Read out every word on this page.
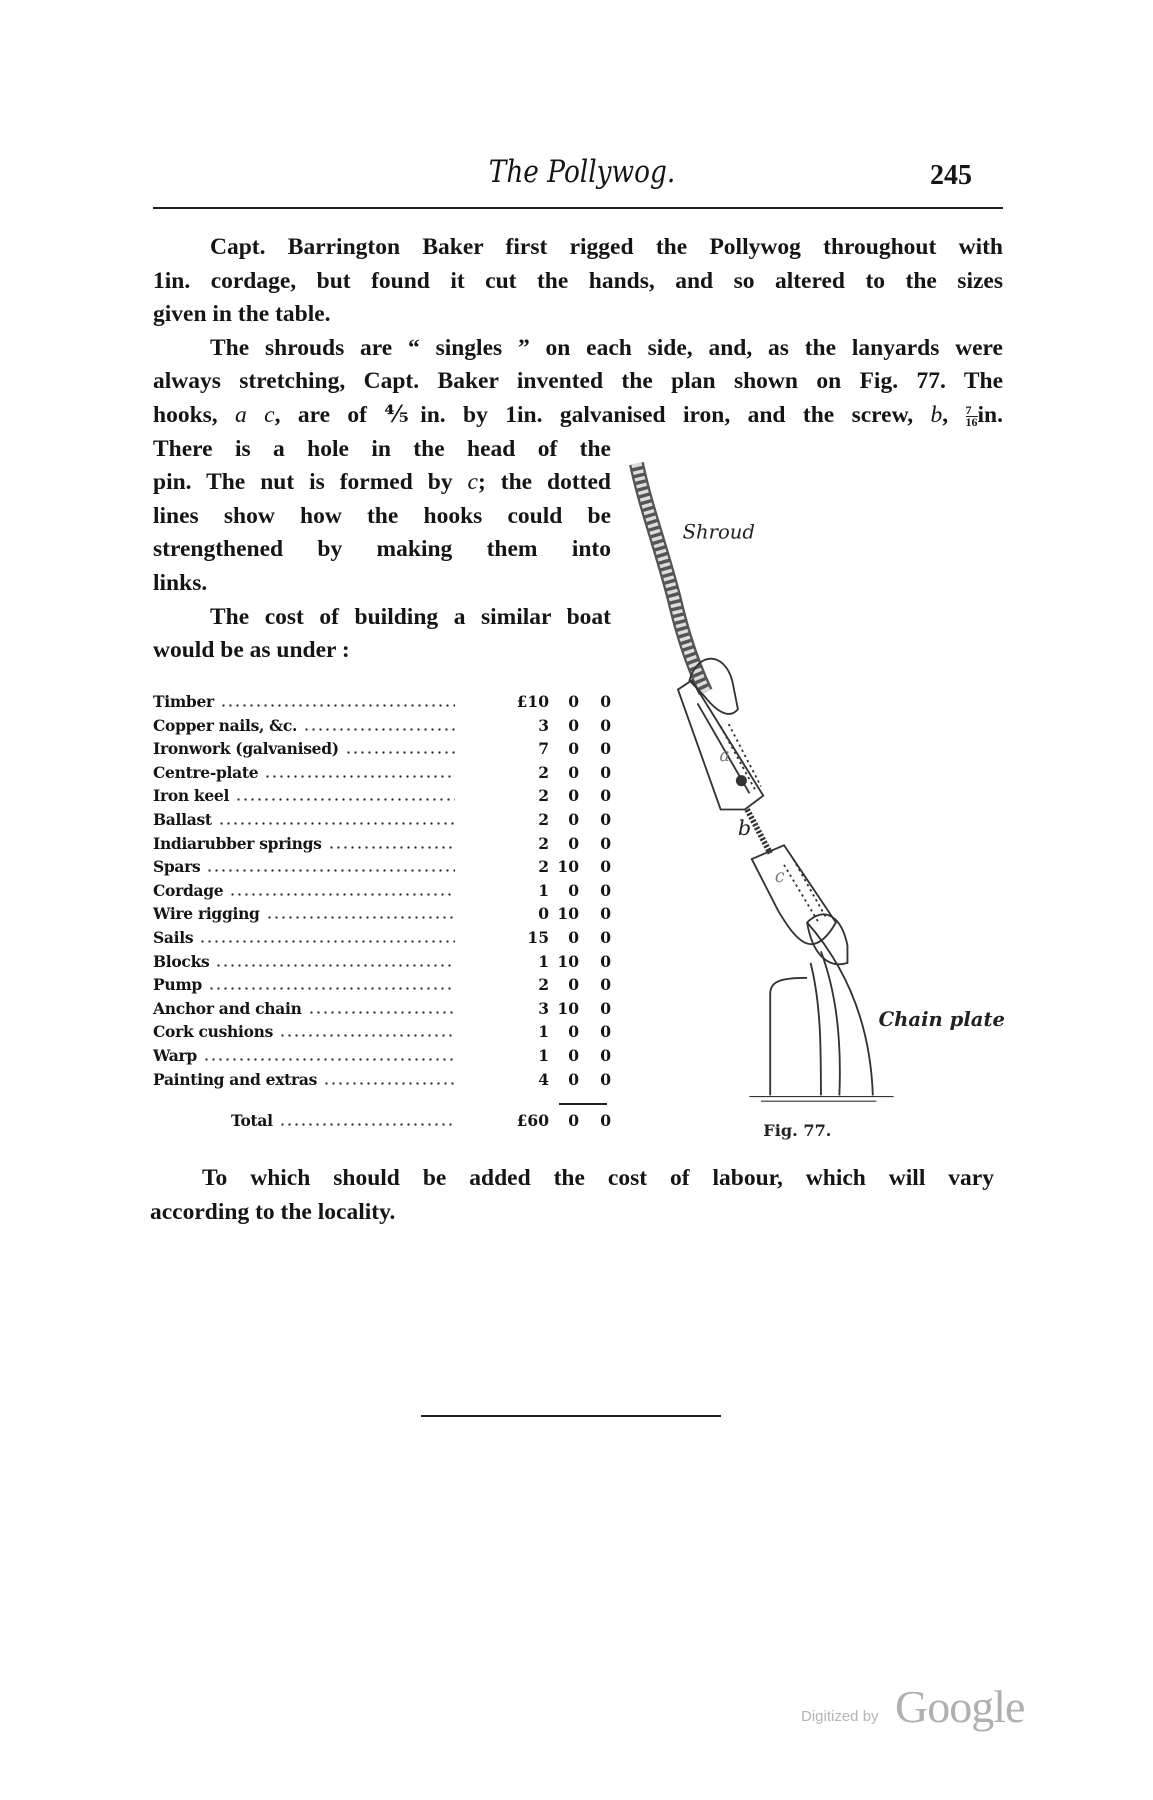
The Pollywog.	245
Capt. Barrington Baker first rigged the Pollywog throughout with
1in. cordage, but found it cut the hands, and so altered to the sizes
given in the table.
The shrouds are “ singles ” on each side, and, as the lanyards were
always stretching, Capt. Baker invented the plan shown on Fig. 77. The
hooks, a c, are of ⅘in. by 1in. galvanised iron, and the screw, b, $\frac{7}{16}$ in.
There is a hole in the head of the
pin. The nut is formed by c; the dotted
lines show how the hooks could be
strengthened by making them into
links.
The cost of building a similar boat
would be as under :
Timber	£10	0	0
Copper nails, &c.	3	0	0
Ironwork (galvanised)	7	0	0
Centre-plate	2	0	0
Iron keel	2	0	0
Ballast	2	0	0
Indiarubber springs	2	0	0
Spars	2 10	0
Cordage	1	0	0
Wire rigging	0 10	0
Sails	15	0	0
Blocks	1 10	0
Pump	2	0	0
Anchor and chain	3 10	0
Cork cushions	1	0	0
Warp	1	0	0
Painting and extras	4	0	0
Total	£60	0	0
Shroud
a
b
c
Chain plate
Fig. 77.
To which should be added the cost of labour, which will vary
according to the locality.
Digitized by Google
